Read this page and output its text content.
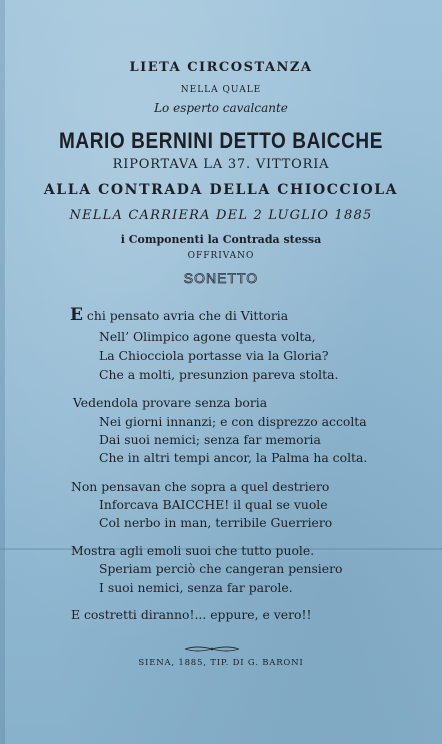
LIETA CIRCOSTANZA
NELLA QUALE
Lo esperto cavalcante
MARIO BERNINI DETTO BAICCHE
RIPORTAVA LA 37. VITTORIA
ALLA CONTRADA DELLA CHIOCCIOLA
NELLA CARRIERA DEL 2 LUGLIO 1885
i Componenti la Contrada stessa
OFFRIVANO
SONETTO
E chi pensato avria che di Vittoria
Nell’ Olimpico agone questa volta,
La Chiocciola portasse via la Gloria?
Che a molti, presunzion pareva stolta.
Vedendola provare senza boria
Nei giorni innanzi; e con disprezzo accolta
Dai suoi nemici; senza far memoria
Che in altri tempi ancor, la Palma ha colta.
Non pensavan che sopra a quel destriero
Inforcava BAICCHE! il qual se vuole
Col nerbo in man, terribile Guerriero
Mostra agli emoli suoi che tutto puole.
Speriam perciò che cangeran pensiero
I suoi nemici, senza far parole.
E costretti diranno!... eppure, e vero!!
SIENA, 1885, TIP. DI G. BARONI
